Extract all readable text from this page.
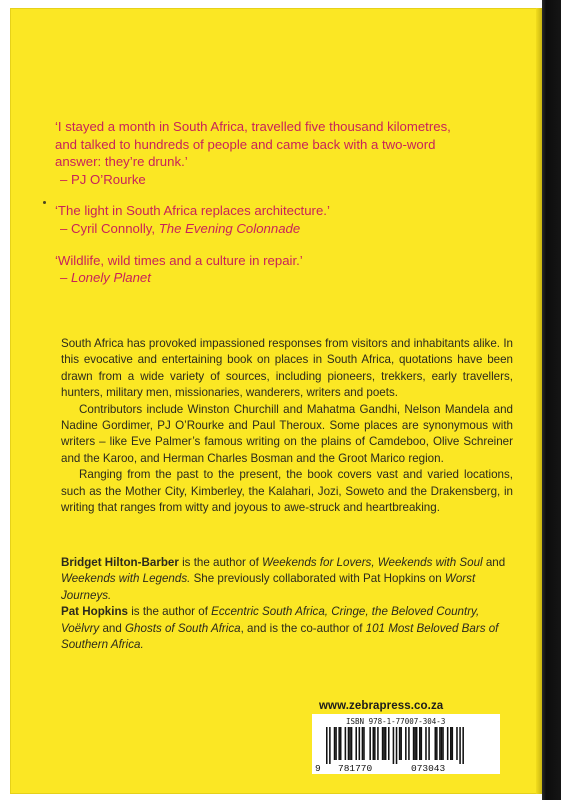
‘I stayed a month in South Africa, travelled five thousand kilometres,
and talked to hundreds of people and came back with a two-word
answer: they’re drunk.’
– PJ O’Rourke
‘The light in South Africa replaces architecture.’
– Cyril Connolly, The Evening Colonnade
‘Wildlife, wild times and a culture in repair.’
– Lonely Planet

South Africa has provoked impassioned responses from visitors and inhabitants alike. In this evocative and entertaining book on places in South Africa, quotations have been drawn from a wide variety of sources, including pioneers, trekkers, early travellers, hunters, military men, missionaries, wanderers, writers and poets.

Contributors include Winston Churchill and Mahatma Gandhi, Nelson Mandela and Nadine Gordimer, PJ O’Rourke and Paul Theroux. Some places are synonymous with writers – like Eve Palmer’s famous writing on the plains of Camdeboo, Olive Schreiner and the Karoo, and Herman Charles Bosman and the Groot Marico region.

Ranging from the past to the present, the book covers vast and varied locations, such as the Mother City, Kimberley, the Kalahari, Jozi, Soweto and the Drakensberg, in writing that ranges from witty and joyous to awe-struck and heartbreaking.

Bridget Hilton-Barber is the author of Weekends for Lovers, Weekends with Soul and Weekends with Legends. She previously collaborated with Pat Hopkins on Worst Journeys.

Pat Hopkins is the author of Eccentric South Africa, Cringe, the Beloved Country, Voëlvry and Ghosts of South Africa, and is the co-author of 101 Most Beloved Bars of Southern Africa.

www.zebrapress.co.za
9 781770	073043
ISBN 978-1-77007-304-3
